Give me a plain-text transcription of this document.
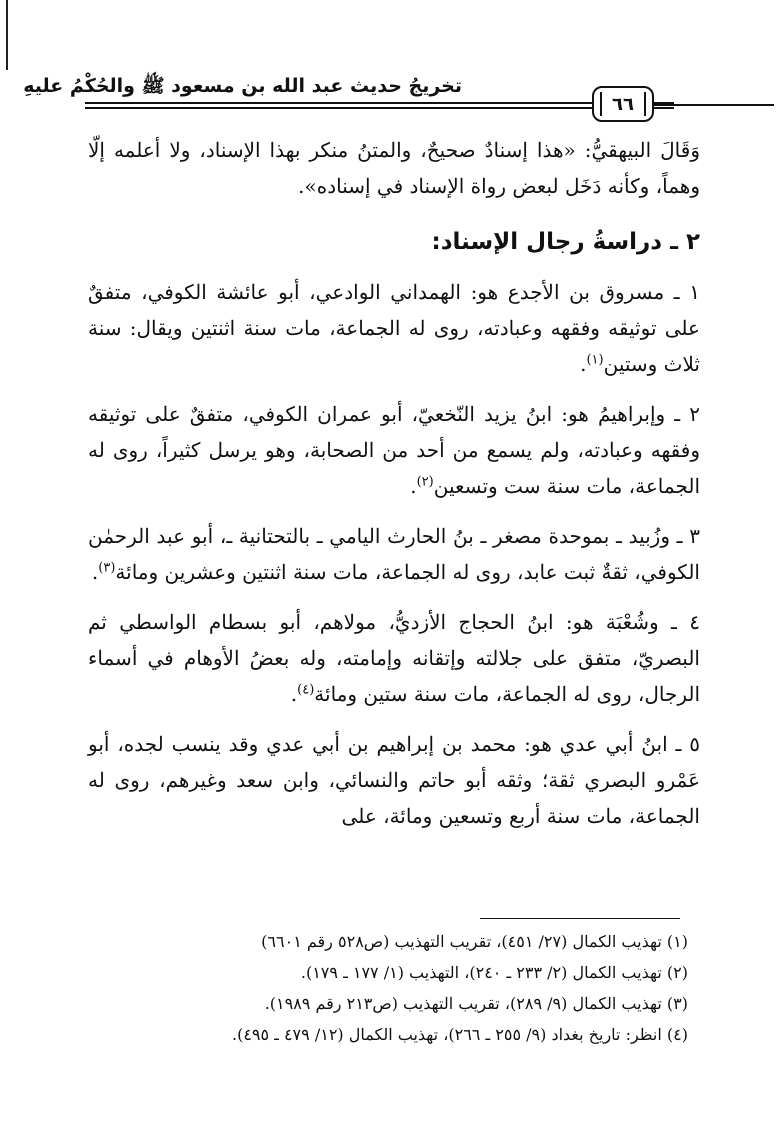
تخريجُ حديث عبد الله بن مسعود ﷺ والحُكْمُ عليهِ
٦٦

وَقَالَ البيهقيُّ: «هذا إسنادٌ صحيحٌ، والمتنُ منكر بهذا الإسناد، ولا أعلمه إلّا وهماً، وكأنه دَخَل لبعض رواة الإسناد في إسناده».

٢ ـ دراسةُ رجال الإسناد:

١ ـ مسروق بن الأجدع هو: الهمداني الوادعي، أبو عائشة الكوفي، متفقٌ على توثيقه وفقهه وعبادته، روى له الجماعة، مات سنة اثنتين ويقال: سنة ثلاث وستين$^{(١)}$.

٢ ـ وإبراهيمُ هو: ابنُ يزيد النّخعيّ، أبو عمران الكوفي، متفقٌ على توثيقه وفقهه وعبادته، ولم يسمع من أحد من الصحابة، وهو يرسل كثيراً، روى له الجماعة، مات سنة ست وتسعين$^{(٢)}$.

٣ ـ وزُبيد ـ بموحدة مصغر ـ بنُ الحارث اليامي ـ بالتحتانية ـ، أبو عبد الرحمٰن الكوفي، ثقةٌ ثبت عابد، روى له الجماعة، مات سنة اثنتين وعشرين ومائة$^{(٣)}$.

٤ ـ وشُعْبَة هو: ابنُ الحجاج الأزديُّ، مولاهم، أبو بسطام الواسطي ثم البصريّ، متفق على جلالته وإتقانه وإمامته، وله بعضُ الأوهام في أسماء الرجال، روى له الجماعة، مات سنة ستين ومائة$^{(٤)}$.

٥ ـ ابنُ أبي عدي هو: محمد بن إبراهيم بن أبي عدي وقد ينسب لجده، أبو عَمْرو البصري ثقة؛ وثقه أبو حاتم والنسائي، وابن سعد وغيرهم، روى له الجماعة، مات سنة أربع وتسعين ومائة، على

(١) تهذيب الكمال (٢٧/ ٤٥١)، تقريب التهذيب (ص٥٢٨ رقم ٦٦٠١)
(٢) تهذيب الكمال (٢/ ٢٣٣ ـ ٢٤٠)، التهذيب (١/ ١٧٧ ـ ١٧٩).
(٣) تهذيب الكمال (٩/ ٢٨٩)، تقريب التهذيب (ص٢١٣ رقم ١٩٨٩).
(٤) انظر: تاريخ بغداد (٩/ ٢٥٥ ـ ٢٦٦)، تهذيب الكمال (١٢/ ٤٧٩ ـ ٤٩٥).
